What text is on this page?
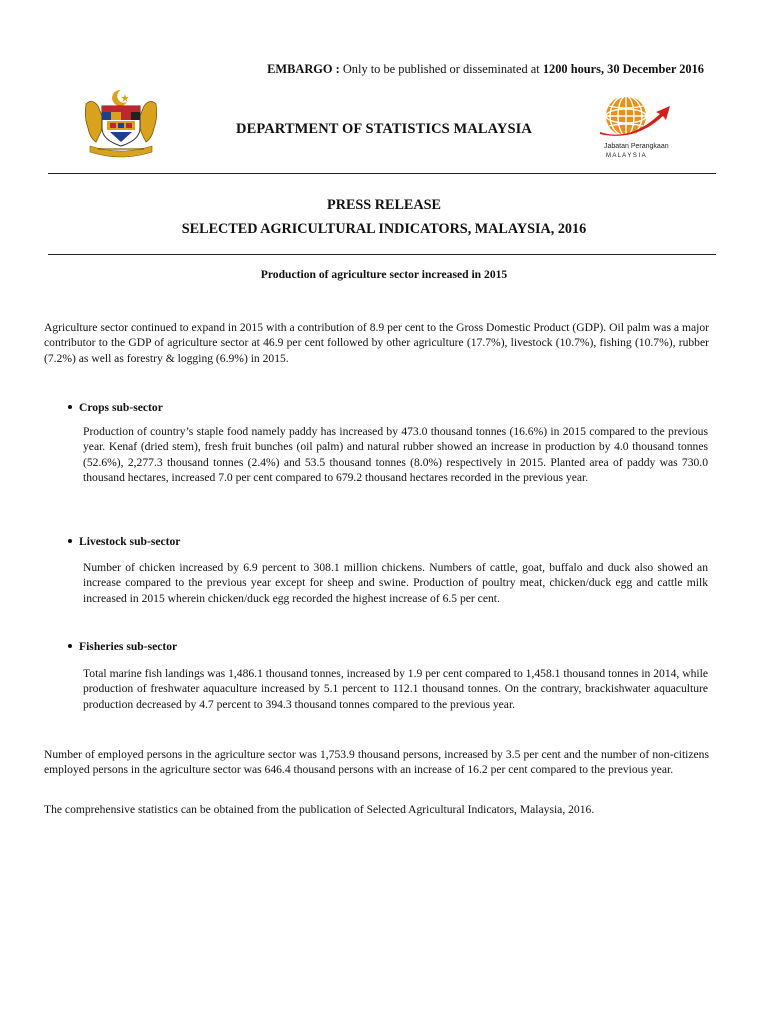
EMBARGO : Only to be published or disseminated at 1200 hours, 30 December 2016
DEPARTMENT OF STATISTICS MALAYSIA
Jabatan Perangkaan
M A L A Y S I A
PRESS RELEASE
SELECTED AGRICULTURAL INDICATORS, MALAYSIA, 2016
Production of agriculture sector increased in 2015

Agriculture sector continued to expand in 2015 with a contribution of 8.9 per cent to the Gross Domestic Product (GDP). Oil palm was a major contributor to the GDP of agriculture sector at 46.9 per cent followed by other agriculture (17.7%), livestock (10.7%), fishing (10.7%), rubber (7.2%) as well as forestry & logging (6.9%) in 2015.

Crops sub-sector

Production of country’s staple food namely paddy has increased by 473.0 thousand tonnes (16.6%) in 2015 compared to the previous year. Kenaf (dried stem), fresh fruit bunches (oil palm) and natural rubber showed an increase in production by 4.0 thousand tonnes (52.6%), 2,277.3 thousand tonnes (2.4%) and 53.5 thousand tonnes (8.0%) respectively in 2015. Planted area of paddy was 730.0 thousand hectares, increased 7.0 per cent compared to 679.2 thousand hectares recorded in the previous year.

Livestock sub-sector

Number of chicken increased by 6.9 percent to 308.1 million chickens. Numbers of cattle, goat, buffalo and duck also showed an increase compared to the previous year except for sheep and swine. Production of poultry meat, chicken/duck egg and cattle milk increased in 2015 wherein chicken/duck egg recorded the highest increase of 6.5 per cent.

Fisheries sub-sector

Total marine fish landings was 1,486.1 thousand tonnes, increased by 1.9 per cent compared to 1,458.1 thousand tonnes in 2014, while production of freshwater aquaculture increased by 5.1 percent to 112.1 thousand tonnes. On the contrary, brackishwater aquaculture production decreased by 4.7 percent to 394.3 thousand tonnes compared to the previous year.

Number of employed persons in the agriculture sector was 1,753.9 thousand persons, increased by 3.5 per cent and the number of non-citizens employed persons in the agriculture sector was 646.4 thousand persons with an increase of 16.2 per cent compared to the previous year.

The comprehensive statistics can be obtained from the publication of Selected Agricultural Indicators, Malaysia, 2016.
